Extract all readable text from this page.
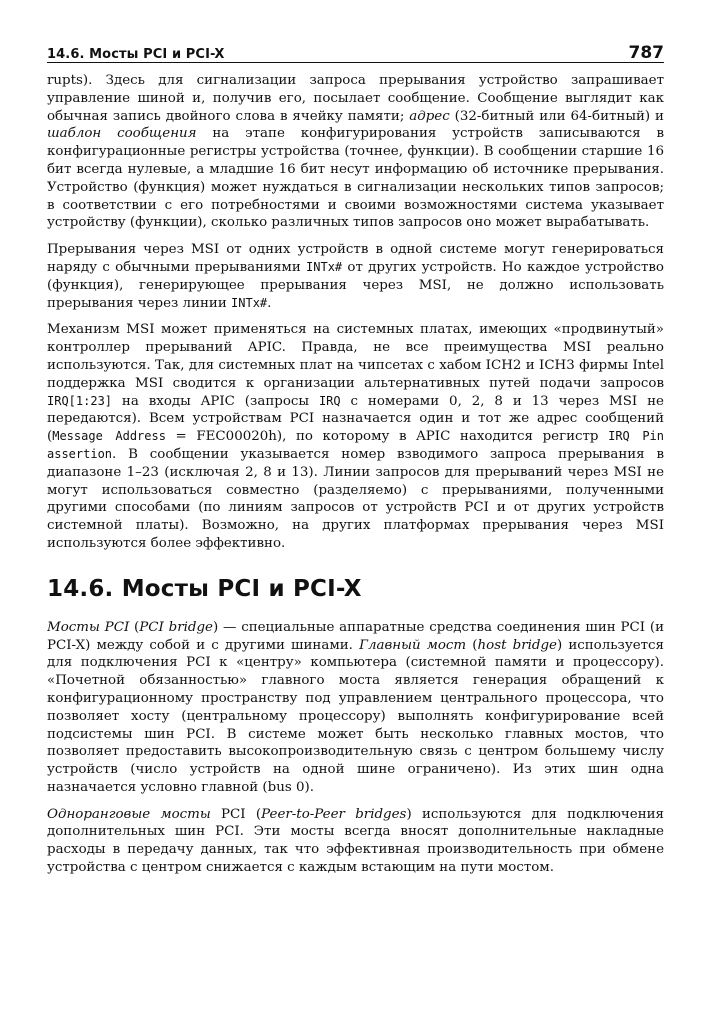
14.6. Мосты PCI и PCI-X	787

rupts). Здесь для сигнализации запроса прерывания устройство запрашивает управление шиной и, получив его, посылает сообщение. Сообщение выглядит как обычная запись двойного слова в ячейку памяти; адрес (32-битный или 64-битный) и шаблон сообщения на этапе конфигурирования устройств записываются в конфигурационные регистры устройства (точнее, функции). В сообщении старшие 16 бит всегда нулевые, а младшие 16 бит несут информацию об источнике прерывания. Устройство (функция) может нуждаться в сигнализации нескольких типов запросов; в соответствии с его потребностями и своими возможностями система указывает устройству (функции), сколько различных типов запросов оно может вырабатывать.

Прерывания через MSI от одних устройств в одной системе могут генерироваться наряду с обычными прерываниями INTx# от других устройств. Но каждое устройство (функция), генерирующее прерывания через MSI, не должно использовать прерывания через линии INTx#.

Механизм MSI может применяться на системных платах, имеющих «продвинутый» контроллер прерываний APIC. Правда, не все преимущества MSI реально используются. Так, для системных плат на чипсетах с хабом ICH2 и ICH3 фирмы Intel поддержка MSI сводится к организации альтернативных путей подачи запросов IRQ[1:23] на входы APIC (запросы IRQ с номерами 0, 2, 8 и 13 через MSI не передаются). Всем устройствам PCI назначается один и тот же адрес сообщений (Message Address = FEC00020h), по которому в APIC находится регистр IRQ Pin assertion. В сообщении указывается номер взводимого запроса прерывания в диапазоне 1–23 (исключая 2, 8 и 13). Линии запросов для прерываний через MSI не могут использоваться совместно (разделяемо) с прерываниями, полученными другими способами (по линиям запросов от устройств PCI и от других устройств системной платы). Возможно, на других платформах прерывания через MSI используются более эффективно.

14.6. Мосты PCI и PCI-X

Мосты PCI (PCI bridge) — специальные аппаратные средства соединения шин PCI (и PCI-X) между собой и с другими шинами. Главный мост (host bridge) используется для подключения PCI к «центру» компьютера (системной памяти и процессору). «Почетной обязанностью» главного моста является генерация обращений к конфигурационному пространству под управлением центрального процессора, что позволяет хосту (центральному процессору) выполнять конфигурирование всей подсистемы шин PCI. В системе может быть несколько главных мостов, что позволяет предоставить высокопроизводительную связь с центром большему числу устройств (число устройств на одной шине ограничено). Из этих шин одна назначается условно главной (bus 0).

Одноранговые мосты PCI (Peer-to-Peer bridges) используются для подключения дополнительных шин PCI. Эти мосты всегда вносят дополнительные накладные расходы в передачу данных, так что эффективная производительность при обмене устройства с центром снижается с каждым встающим на пути мостом.
